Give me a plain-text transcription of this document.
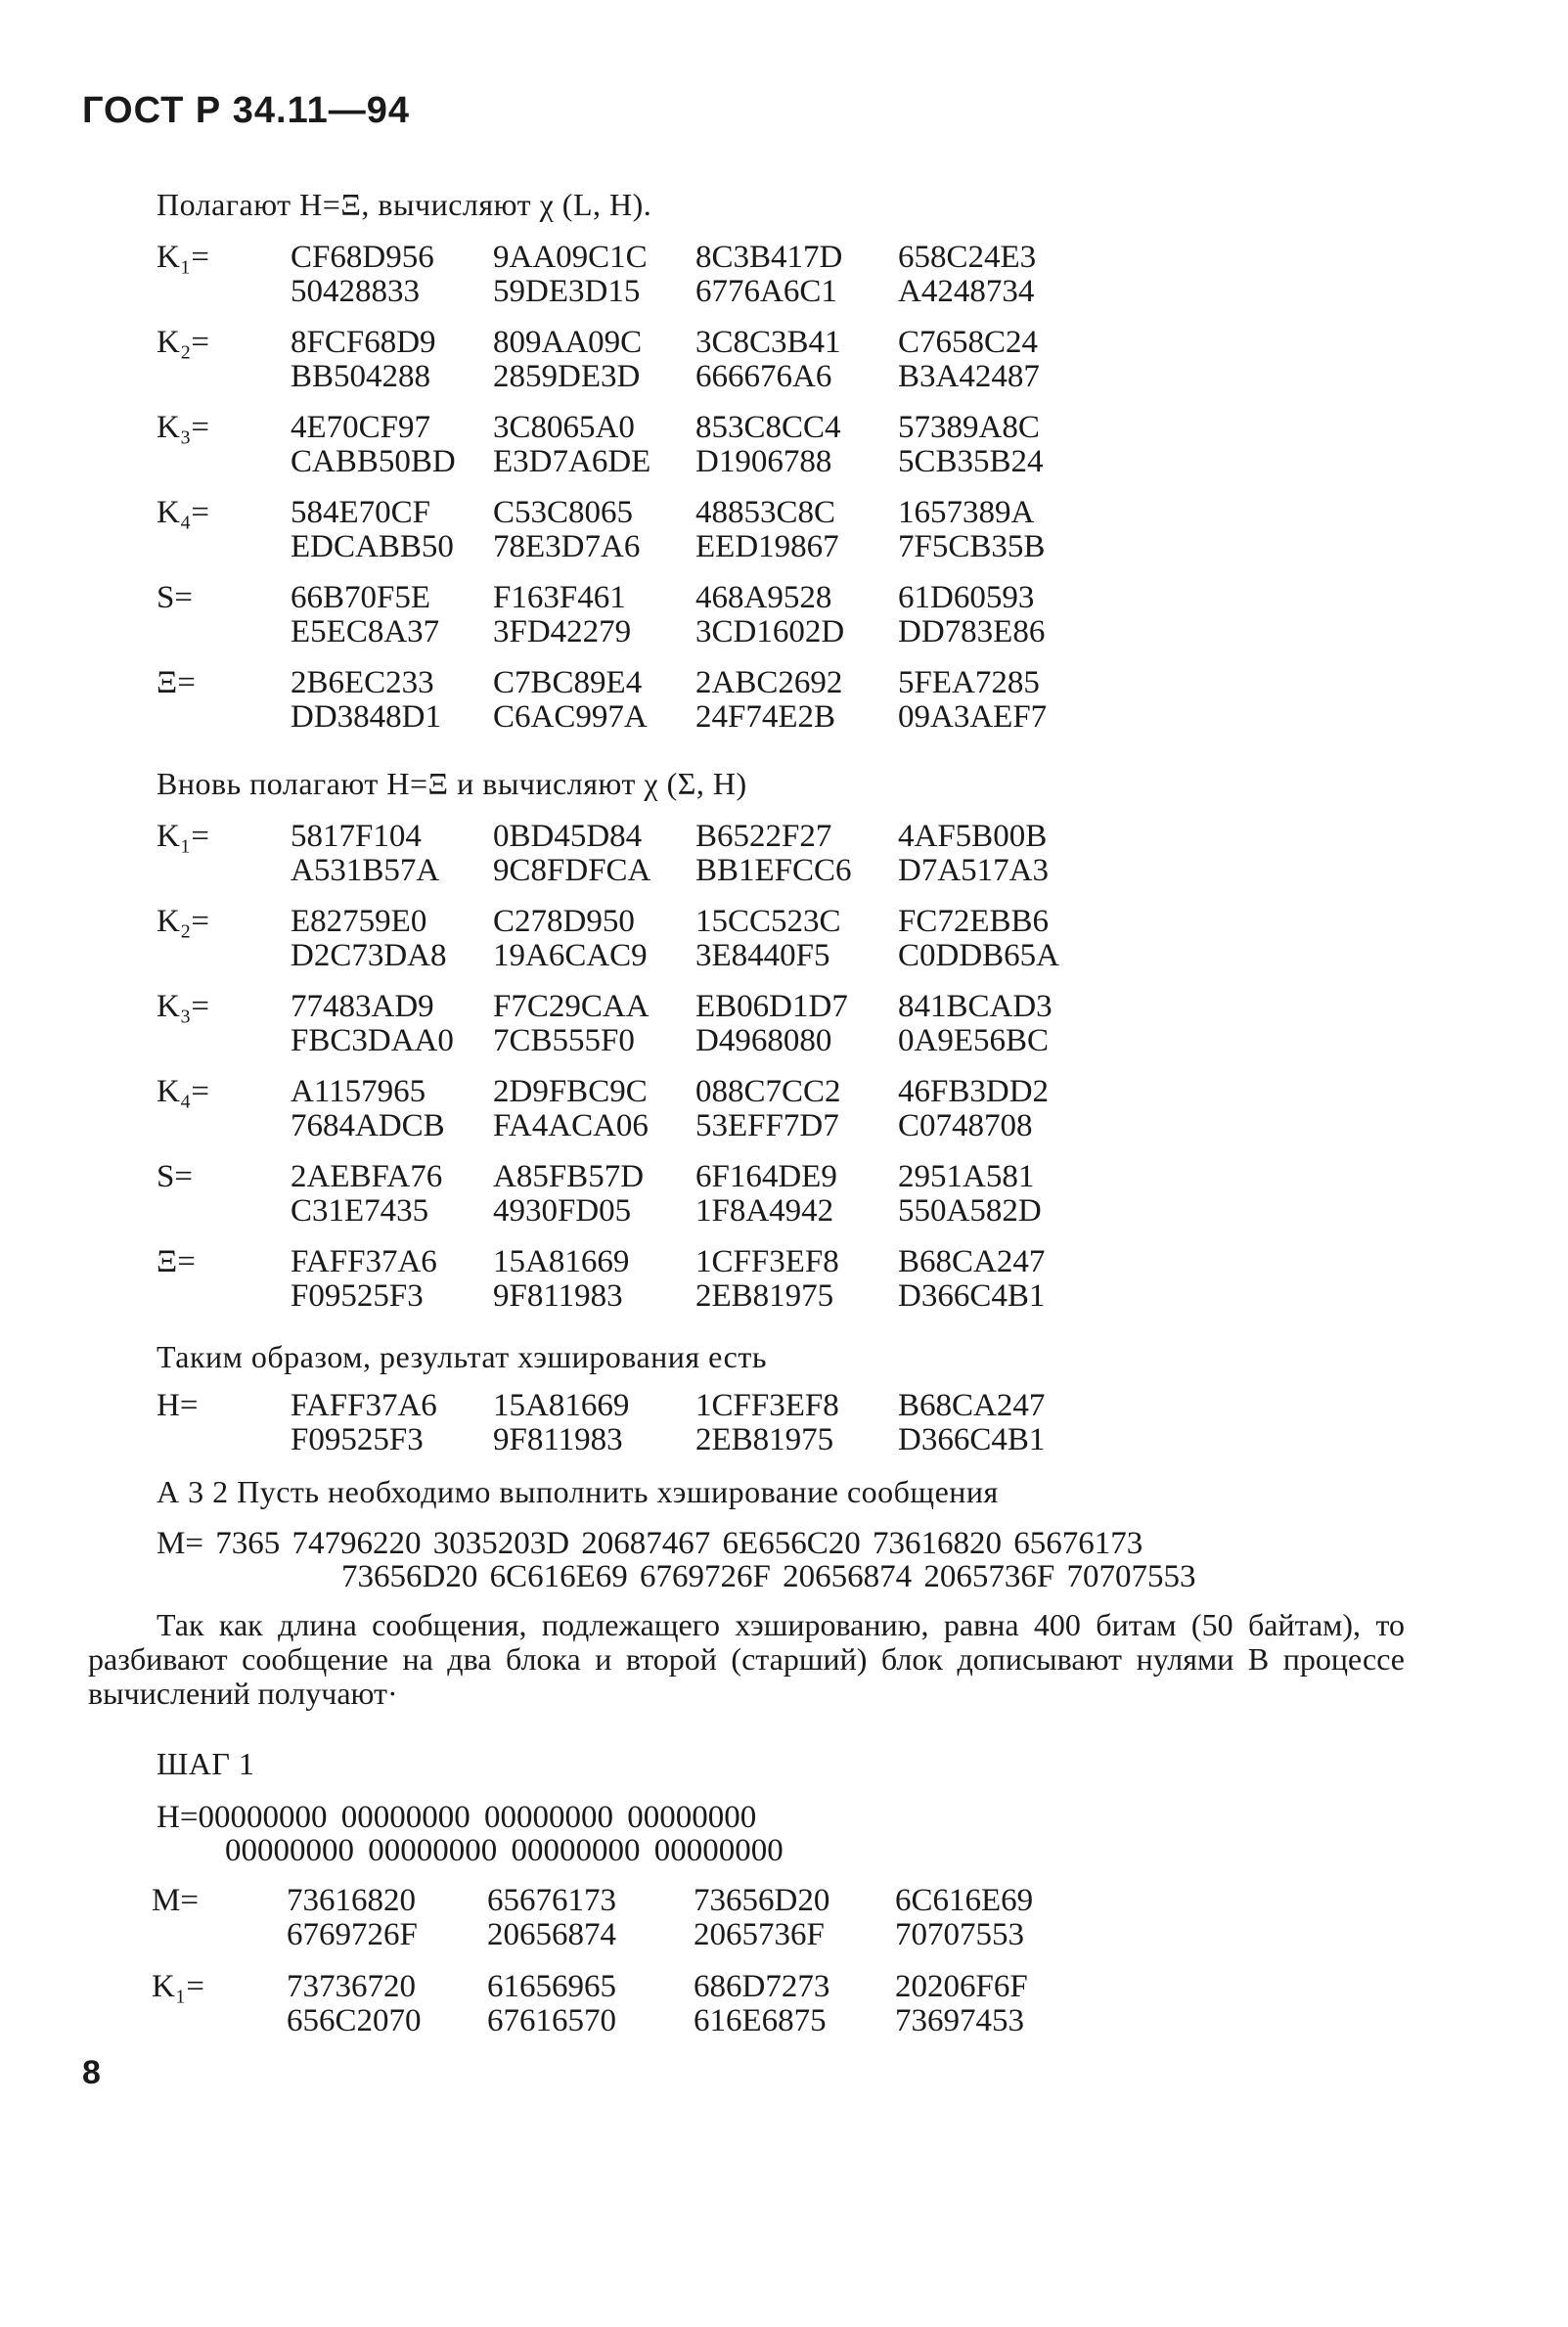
ГОСТ Р 34.11—94
Полагают H=Ξ, вычисляют χ (L, H).
K₁=	CF68D956 9AA09C1C 8C3B417D 658C24E3
50428833 59DE3D15 6776A6C1 A4248734
K₂=	8FCF68D9 809AA09C 3C8C3B41 C7658C24
BB504288 2859DE3D 666676A6 B3A42487
K₃=	4E70CF97 3C8065A0 853C8CC4 57389A8C
CABB50BD E3D7A6DE D1906788 5CB35B24
K₄=	584E70CF C53C8065 48853C8C 1657389A
EDCABB50 78E3D7A6 EED19867 7F5CB35B
S=	66B70F5E F163F461 468A9528 61D60593
E5EC8A37 3FD42279 3CD1602D DD783E86
Ξ=	2B6EC233 C7BC89E4 2ABC2692 5FEA7285
DD3848D1 C6AC997A 24F74E2B 09A3AEF7
Вновь полагают H=Ξ и вычисляют χ (Σ, H)
K₁=	5817F104 0BD45D84 B6522F27 4AF5B00B
A531B57A 9C8FDFCA BB1EFCC6 D7A517A3
K₂=	E82759E0 C278D950 15CC523C FC72EBB6
D2C73DA8 19A6CAC9 3E8440F5 C0DDB65A
K₃=	77483AD9 F7C29CAA EB06D1D7 841BCAD3
FBC3DAA0 7CB555F0 D4968080 0A9E56BC
K₄=	A1157965 2D9FBC9C 088C7CC2 46FB3DD2
7684ADCB FA4ACA06 53EFF7D7 C0748708
S=	2AEBFA76 A85FB57D 6F164DE9 2951A581
C31E7435 4930FD05 1F8A4942 550A582D
Ξ=	FAFF37A6 15A81669 1CFF3EF8 B68CA247
F09525F3 9F811983 2EB81975 D366C4B1
Таким образом, результат хэширования есть
H=	FAFF37A6 15A81669 1CFF3EF8 B68CA247
F09525F3 9F811983 2EB81975 D366C4B1
А 3 2 Пусть необходимо выполнить хэширование сообщения
M= 7365 74796220 3035203D 20687467 6E656C20 73616820 65676173
73656D20 6C616E69 6769726F 20656874 2065736F 70707553
Так как длина сообщения, подлежащего хэшированию, равна 400 битам (50 байтам), то разбивают сообщение на два блока и второй (старший) блок дописывают нулями В процессе вычислений получают·
ШАГ 1
H=00000000 00000000 00000000 00000000
00000000 00000000 00000000 00000000
M=	73616820 65676173 73656D20 6C616E69
6769726F 20656874 2065736F 70707553
K₁=	73736720 61656965 686D7273 20206F6F
656C2070 67616570 616E6875 73697453
8
